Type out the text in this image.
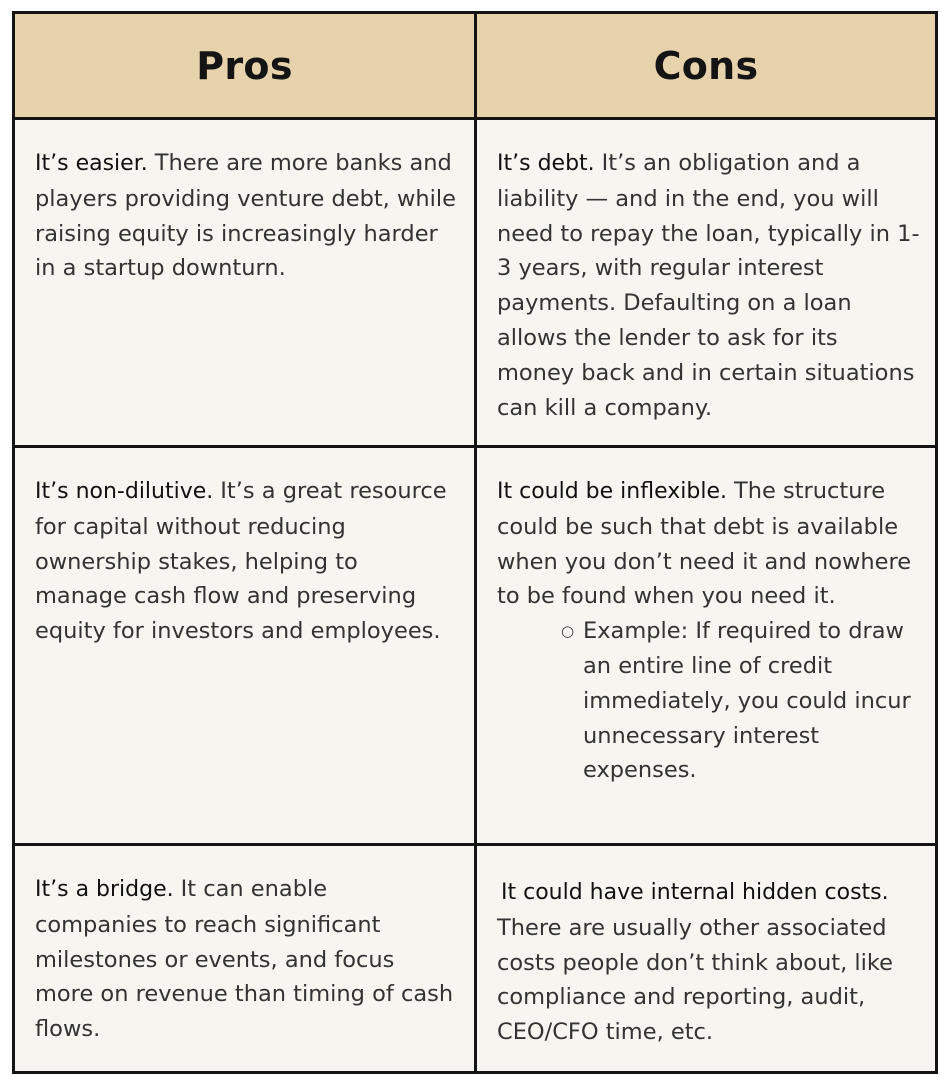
Pros	Cons
It’s easier. There are more banks and players providing venture debt, while raising equity is increasingly harder in a startup downturn.
It’s debt. It’s an obligation and a liability — and in the end, you will need to repay the loan, typically in 1-3 years, with regular interest payments. Defaulting on a loan allows the lender to ask for its money back and in certain situations can kill a company.
It’s non-dilutive. It’s a great resource for capital without reducing ownership stakes, helping to manage cash flow and preserving equity for investors and employees.
It could be inflexible. The structure could be such that debt is available when you don’t need it and nowhere to be found when you need it.
○ Example: If required to draw an entire line of credit immediately, you could incur unnecessary interest expenses.
It’s a bridge. It can enable companies to reach significant milestones or events, and focus more on revenue than timing of cash flows.
It could have internal hidden costs.
There are usually other associated costs people don’t think about, like compliance and reporting, audit, CEO/CFO time, etc.
